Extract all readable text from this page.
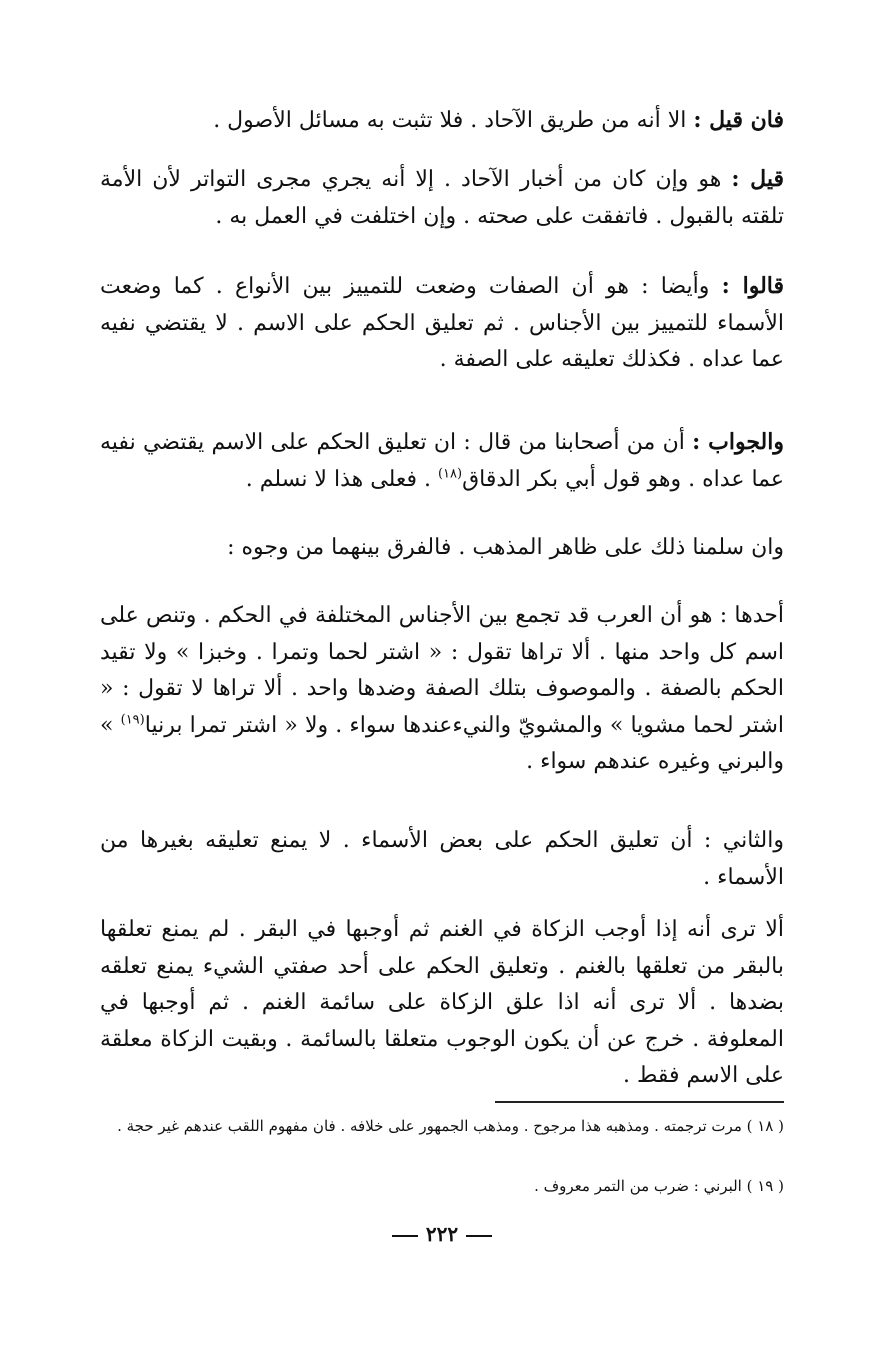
فان قيل : الا أنه من طريق الآحاد . فلا تثبت به مسائل الأصول .

قيل : هو وإن كان من أخبار الآحاد . إلا أنه يجري مجرى التواتر لأن الأمة تلقته بالقبول . فاتفقت على صحته . وإن اختلفت في العمل به .

قالوا : وأيضا : هو أن الصفات وضعت للتمييز بين الأنواع . كما وضعت الأسماء للتمييز بين الأجناس . ثم تعليق الحكم على الاسم . لا يقتضي نفيه عما عداه . فكذلك تعليقه على الصفة .

والجواب : أن من أصحابنا من قال : ان تعليق الحكم على الاسم يقتضي نفيه عما عداه . وهو قول أبي بكر الدقاق$^{(١٨)}$ . فعلى هذا لا نسلم .

وان سلمنا ذلك على ظاهر المذهب . فالفرق بينهما من وجوه :

أحدها : هو أن العرب قد تجمع بين الأجناس المختلفة في الحكم . وتنص على اسم كل واحد منها . ألا تراها تقول : « اشتر لحما وتمرا . وخبزا » ولا تقيد الحكم بالصفة . والموصوف بتلك الصفة وضدها واحد . ألا تراها لا تقول : « اشتر لحما مشويا » والمشويّ والنيءعندها سواء . ولا « اشتر تمرا برنيا$^{(١٩)}$ » والبرني وغيره عندهم سواء .

والثاني : أن تعليق الحكم على بعض الأسماء . لا يمنع تعليقه بغيرها من الأسماء .

ألا ترى أنه إذا أوجب الزكاة في الغنم ثم أوجبها في البقر . لم يمنع تعلقها بالبقر من تعلقها بالغنم . وتعليق الحكم على أحد صفتي الشيء يمنع تعلقه بضدها . ألا ترى أنه اذا علق الزكاة على سائمة الغنم . ثم أوجبها في المعلوفة . خرج عن أن يكون الوجوب متعلقا بالسائمة . وبقيت الزكاة معلقة على الاسم فقط .

( ١٨ ) مرت ترجمته . ومذهبه هذا مرجوح . ومذهب الجمهور على خلافه . فان مفهوم اللقب عندهم غير حجة .

( ١٩ ) البرني : ضرب من التمر معروف .

٢٢٢
